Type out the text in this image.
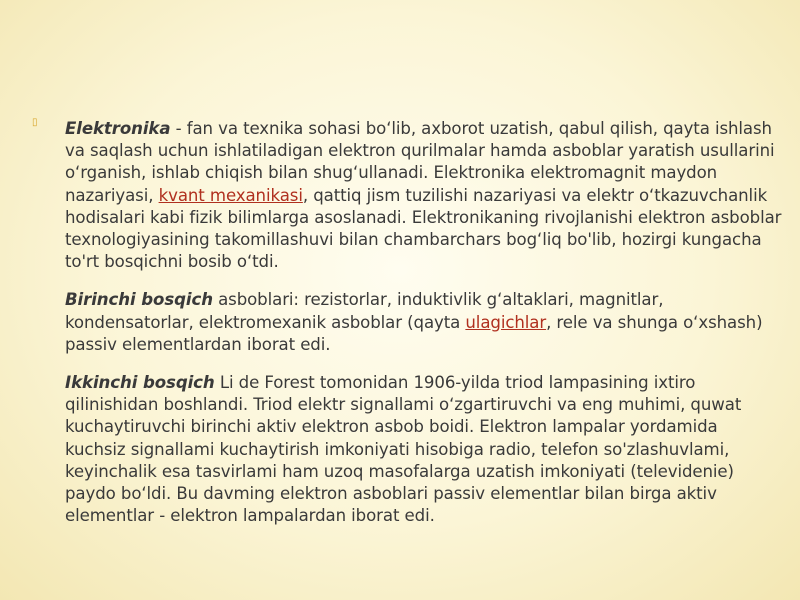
▯ Elektronika - fan va texnika sohasi bo‘lib, axborot uzatish, qabul qilish, qayta ishlash va saqlash uchun ishlatiladigan elektron qurilmalar hamda asboblar yaratish usullarini o‘rganish, ishlab chiqish bilan shug‘ullanadi. Elektronika elektromagnit maydon nazariyasi, kvant mexanikasi, qattiq jism tuzilishi nazariyasi va elektr o‘tkazuvchanlik hodisalari kabi fizik bilimlarga asoslanadi. Elektronikaning rivojlanishi elektron asboblar texnologiyasining takomillashuvi bilan chambarchars bog‘liq bo'lib, hozirgi kungacha to'rt bosqichni bosib o‘tdi.

Birinchi bosqich asboblari: rezistorlar, induktivlik g‘altaklari, magnitlar, kondensatorlar, elektromexanik asboblar (qayta ulagichlar, rele va shunga o‘xshash) passiv elementlardan iborat edi.

Ikkinchi bosqich Li de Forest tomonidan 1906-yilda triod lampasining ixtiro qilinishidan boshlandi. Triod elektr signallami o‘zgartiruvchi va eng muhimi, quwat kuchaytiruvchi birinchi aktiv elektron asbob boidi. Elektron lampalar yordamida kuchsiz signallami kuchaytirish imkoniyati hisobiga radio, telefon so'zlashuvlami, keyinchalik esa tasvirlami ham uzoq masofalarga uzatish imkoniyati (televidenie) paydo bo‘ldi. Bu davming elektron asboblari passiv elementlar bilan birga aktiv elementlar - elektron lampalardan iborat edi.
